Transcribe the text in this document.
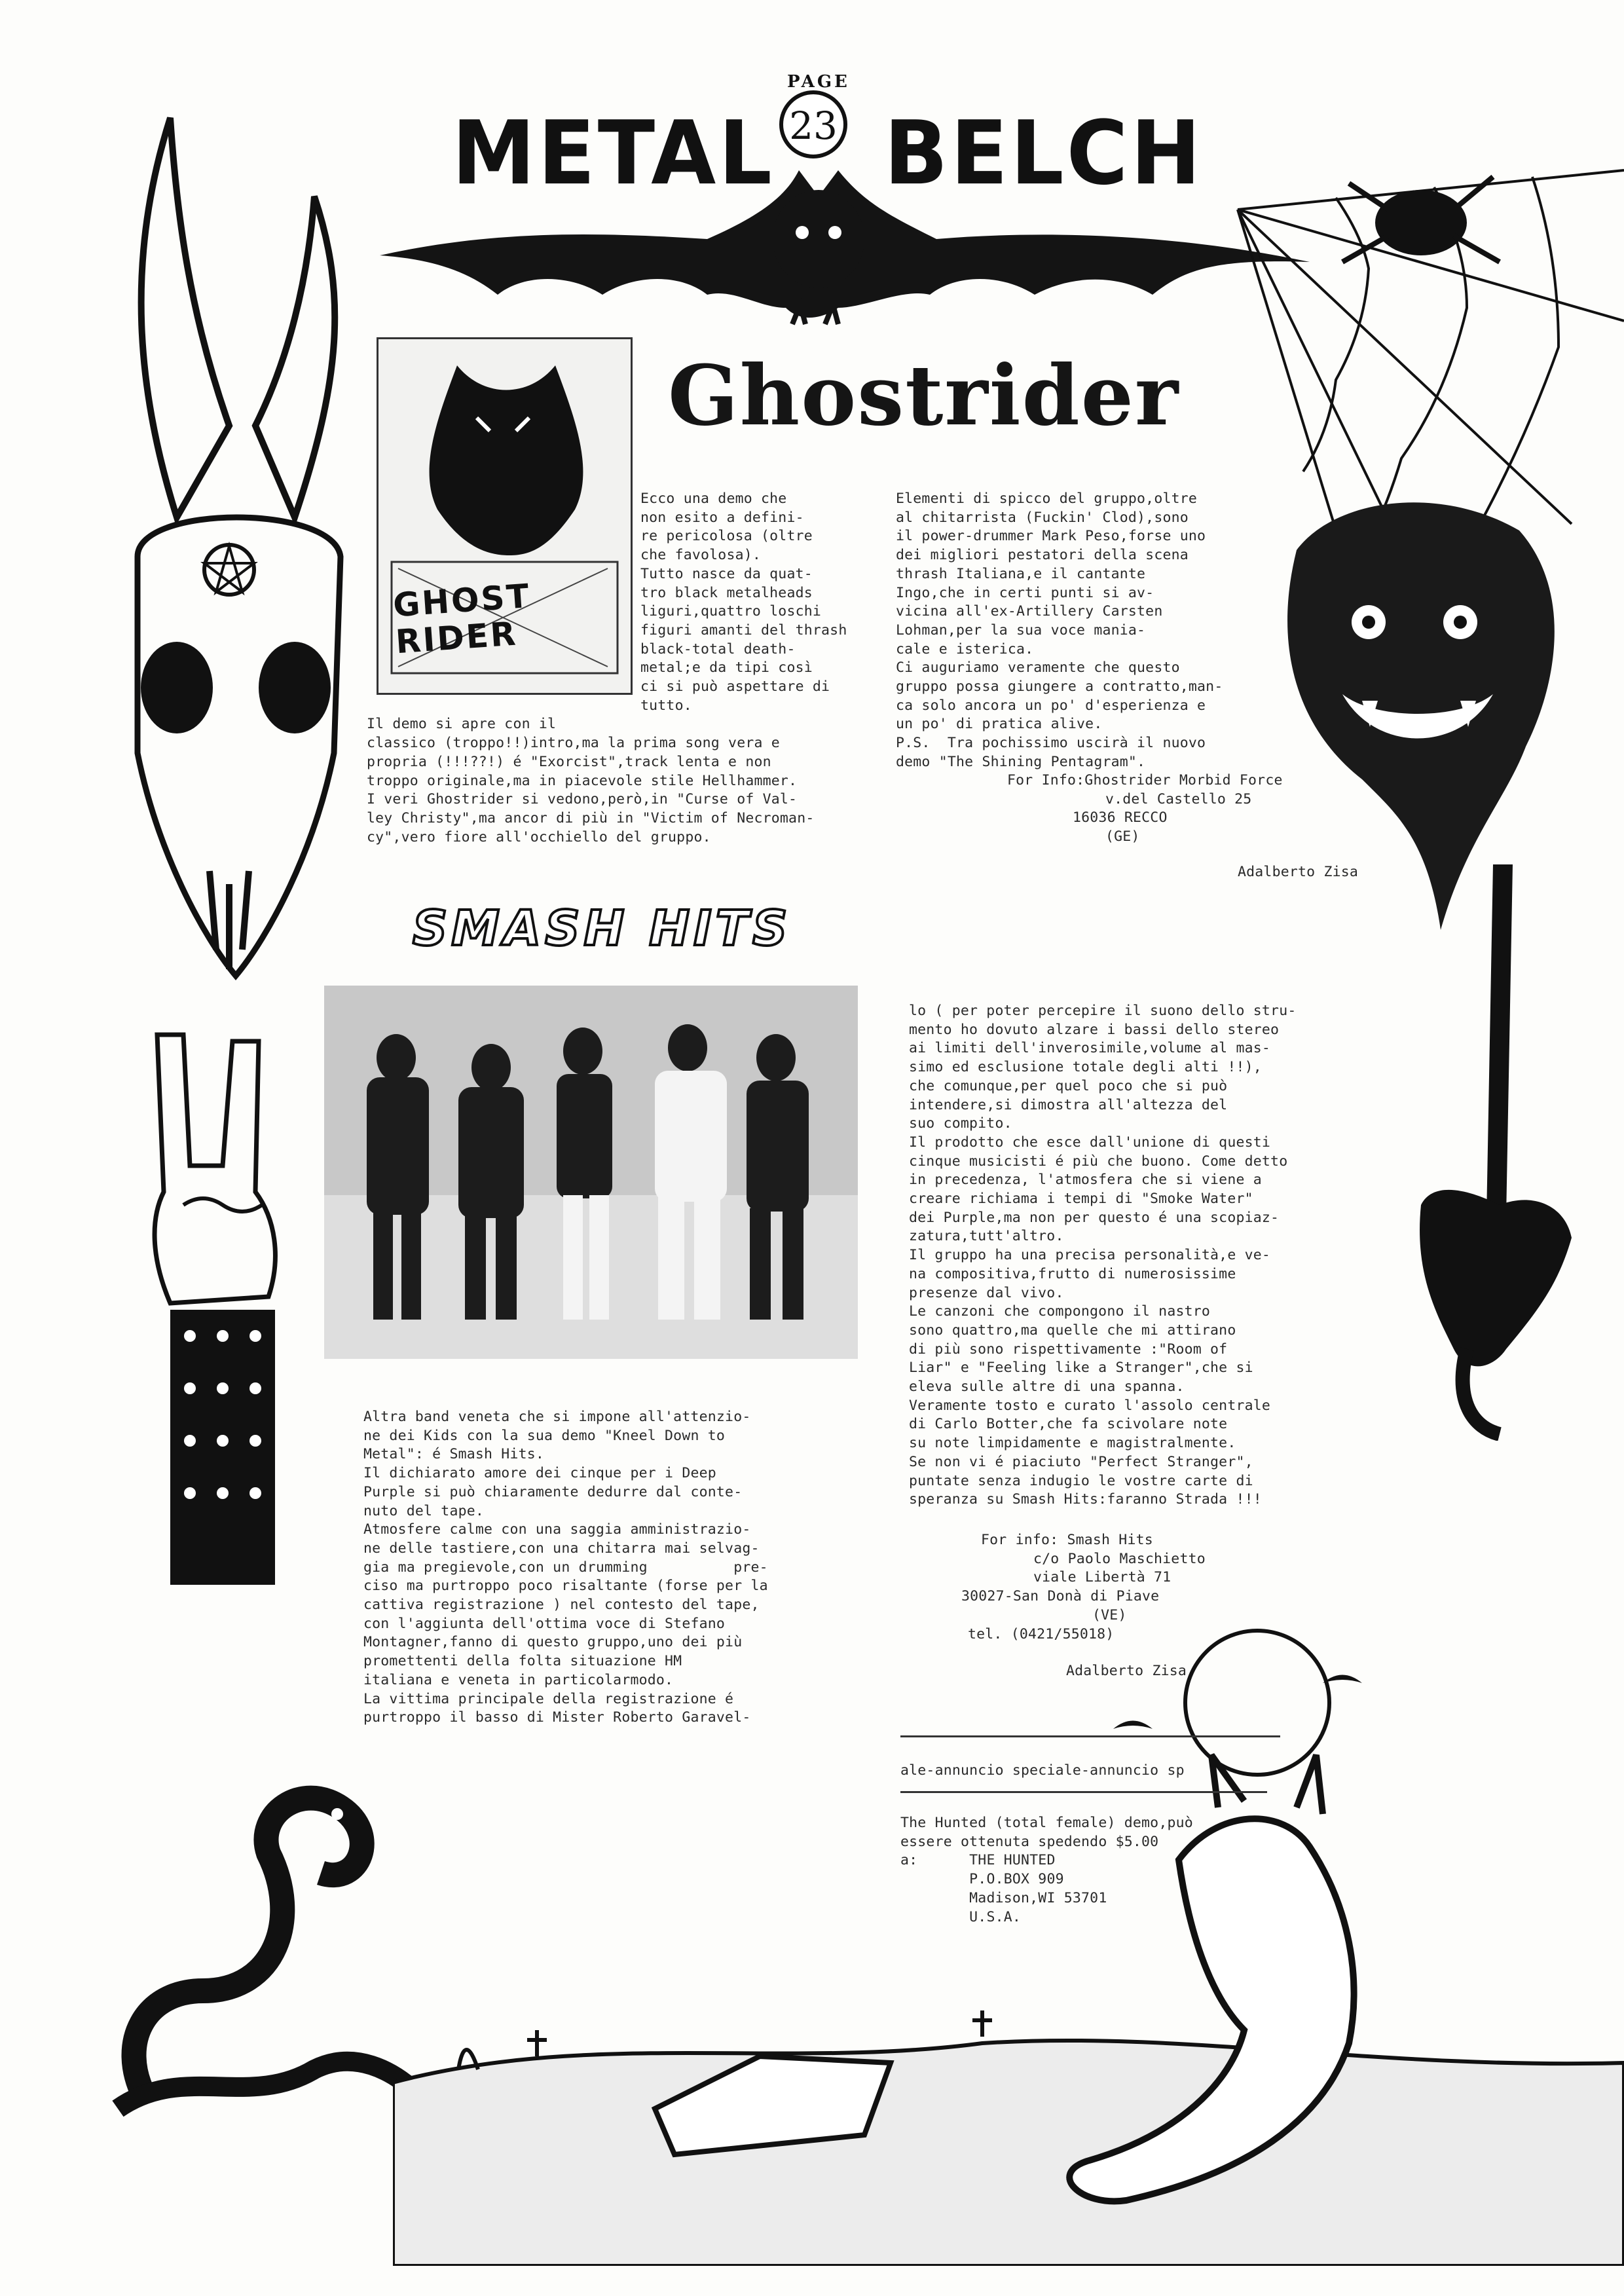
PAGE
23
METAL BELCH
GHOST RIDER
Ghostrider
Ecco una demo che
non esito a defini-
re pericolosa (oltre
che favolosa).
Tutto nasce da quat-
tro black metalheads
liguri,quattro loschi
figuri amanti del thrash
black-total death-
metal;e da tipi così
ci si può aspettare di
tutto.
Il demo si apre con il
classico (troppo!!)intro,ma la prima song vera e
propria (!!!??!) é "Exorcist",track lenta e non
troppo originale,ma in piacevole stile Hellhammer.
I veri Ghostrider si vedono,però,in "Curse of Val-
ley Christy",ma ancor di più in "Victim of Necroman-
cy",vero fiore all'occhiello del gruppo.
Elementi di spicco del gruppo,oltre
al chitarrista (Fuckin' Clod),sono
il power-drummer Mark Peso,forse uno
dei migliori pestatori della scena
thrash Italiana,e il cantante
Ingo,che in certi punti si av-
vicina all'ex-Artillery Carsten
Lohman,per la sua voce mania-
cale e isterica.
Ci auguriamo veramente che questo
gruppo possa giungere a contratto,man-
ca solo ancora un po' d'esperienza e
un po' di pratica alive.
P.S.  Tra pochissimo uscirà il nuovo
demo "The Shining Pentagram".
For Info:Ghostrider Morbid Force
v.del Castello 25
16036 RECCO
(GE)
Adalberto Zisa
SMASH HITS
Altra band veneta che si impone all'attenzio-
ne dei Kids con la sua demo "Kneel Down to
Metal": é Smash Hits.
Il dichiarato amore dei cinque per i Deep
Purple si può chiaramente dedurre dal conte-
nuto del tape.
Atmosfere calme con una saggia amministrazio-
ne delle tastiere,con una chitarra mai selvag-
gia ma pregievole,con un drumming          pre-
ciso ma purtroppo poco risaltante (forse per la
cattiva registrazione ) nel contesto del tape,
con l'aggiunta dell'ottima voce di Stefano
Montagner,fanno di questo gruppo,uno dei più
promettenti della folta situazione HM
italiana e veneta in particolarmodo.
La vittima principale della registrazione é
purtroppo il basso di Mister Roberto Garavel-
lo ( per poter percepire il suono dello stru-
mento ho dovuto alzare i bassi dello stereo
ai limiti dell'inverosimile,volume al mas-
simo ed esclusione totale degli alti !!),
che comunque,per quel poco che si può
intendere,si dimostra all'altezza del
suo compito.
Il prodotto che esce dall'unione di questi
cinque musicisti é più che buono. Come detto
in precedenza, l'atmosfera che si viene a
creare richiama i tempi di "Smoke Water"
dei Purple,ma non per questo é una scopiaz-
zatura,tutt'altro.
Il gruppo ha una precisa personalità,e ve-
na compositiva,frutto di numerosissime
presenze dal vivo.
Le canzoni che compongono il nastro
sono quattro,ma quelle che mi attirano
di più sono rispettivamente :"Room of
Liar" e "Feeling like a Stranger",che si
eleva sulle altre di una spanna.
Veramente tosto e curato l'assolo centrale
di Carlo Botter,che fa scivolare note
su note limpidamente e magistralmente.
Se non vi é piaciuto "Perfect Stranger",
puntate senza indugio le vostre carte di
speranza su Smash Hits:faranno Strada !!!
For info: Smash Hits
c/o Paolo Maschietto
viale Libertà 71
30027-San Donà di Piave
(VE)
tel. (0421/55018)
Adalberto Zisa
ale-annuncio speciale-annuncio sp
The Hunted (total female) demo,può
essere ottenuta spedendo $5.00
a:      THE HUNTED
P.O.BOX 909
Madison,WI 53701
U.S.A.
